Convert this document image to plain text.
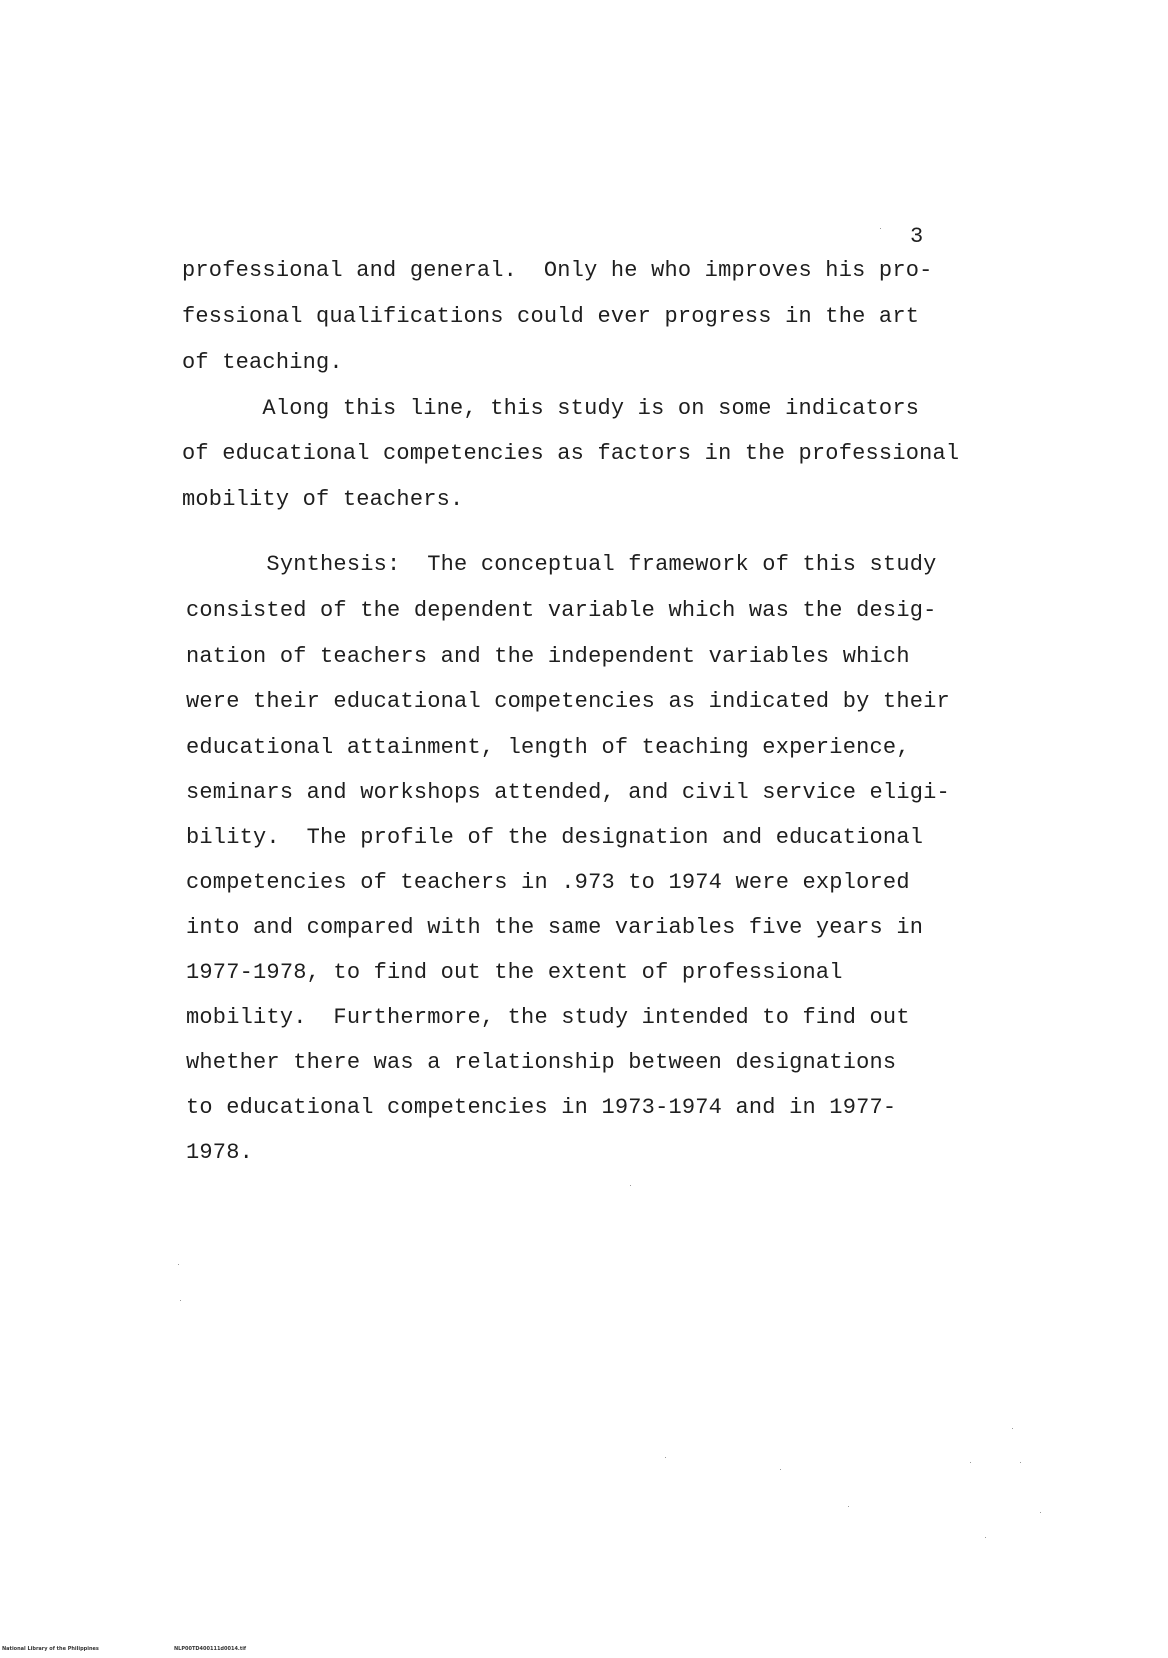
3
professional and general.  Only he who improves his pro-
fessional qualifications could ever progress in the art
of teaching.
Along this line, this study is on some indicators
of educational competencies as factors in the professional
mobility of teachers.
Synthesis:  The conceptual framework of this study
consisted of the dependent variable which was the desig-
nation of teachers and the independent variables which
were their educational competencies as indicated by their
educational attainment, length of teaching experience,
seminars and workshops attended, and civil service eligi-
bility.  The profile of the designation and educational
competencies of teachers in .973 to 1974 were explored
into and compared with the same variables five years in
1977-1978, to find out the extent of professional
mobility.  Furthermore, the study intended to find out
whether there was a relationship between designations
to educational competencies in 1973-1974 and in 1977-
1978.
National Library of the Philippines	NLP00TD400111d0014.tif
